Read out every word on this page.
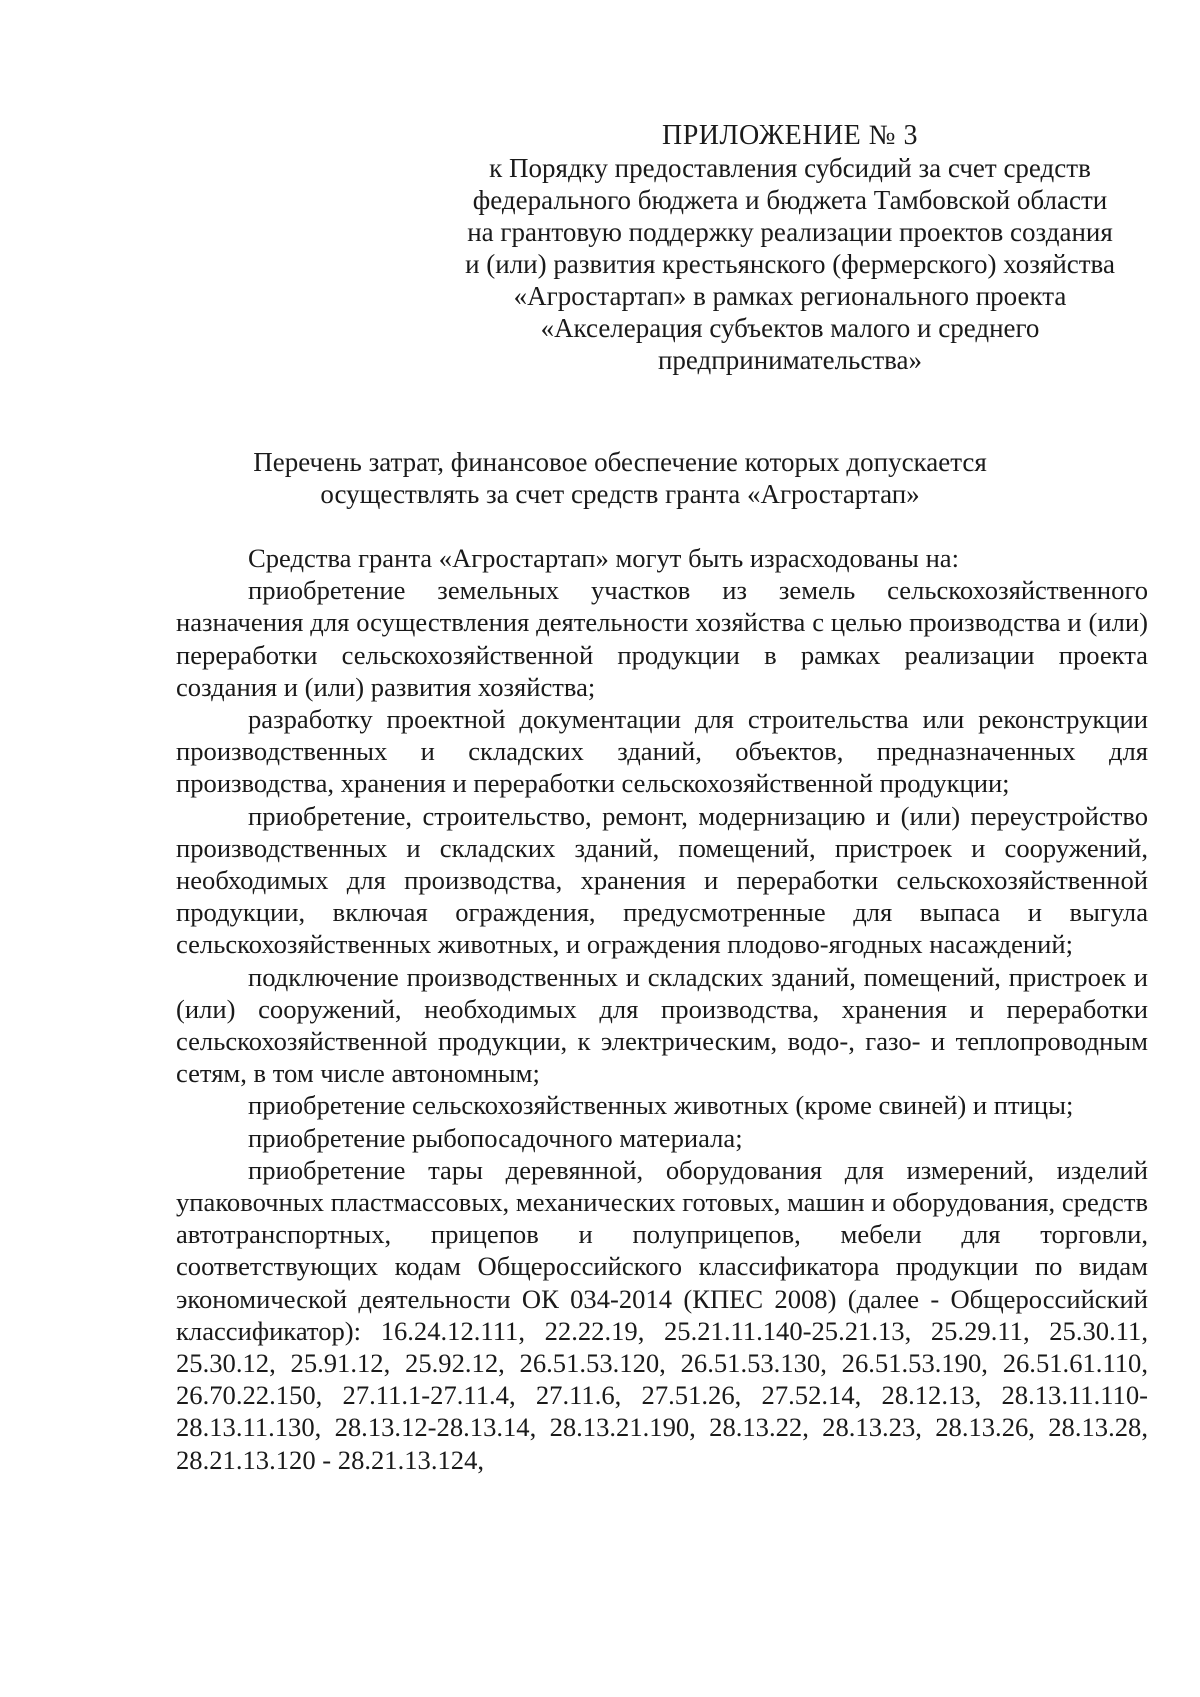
ПРИЛОЖЕНИЕ № 3
к Порядку предоставления субсидий за счет средств
федерального бюджета и бюджета Тамбовской области
на грантовую поддержку реализации проектов создания
и (или) развития крестьянского (фермерского) хозяйства
«Агростартап» в рамках регионального проекта
«Акселерация субъектов малого и среднего
предпринимательства»
Перечень затрат, финансовое обеспечение которых допускается
осуществлять за счет средств гранта «Агростартап»

Средства гранта «Агростартап» могут быть израсходованы на:

приобретение земельных участков из земель сельскохозяйственного назначения для осуществления деятельности хозяйства с целью производства и (или) переработки сельскохозяйственной продукции в рамках реализации проекта создания и (или) развития хозяйства;

разработку проектной документации для строительства или реконструкции производственных и складских зданий, объектов, предназначенных для производства, хранения и переработки сельскохозяйственной продукции;

приобретение, строительство, ремонт, модернизацию и (или) переустройство производственных и складских зданий, помещений, пристроек и сооружений, необходимых для производства, хранения и переработки сельскохозяйственной продукции, включая ограждения, предусмотренные для выпаса и выгула сельскохозяйственных животных, и ограждения плодово-ягодных насаждений;

подключение производственных и складских зданий, помещений, пристроек и (или) сооружений, необходимых для производства, хранения и переработки сельскохозяйственной продукции, к электрическим, водо-, газо- и теплопроводным сетям, в том числе автономным;

приобретение сельскохозяйственных животных (кроме свиней) и птицы;

приобретение рыбопосадочного материала;

приобретение тары деревянной, оборудования для измерений, изделий упаковочных пластмассовых, механических готовых, машин и оборудования, средств автотранспортных, прицепов и полуприцепов, мебели для торговли, соответствующих кодам Общероссийского классификатора продукции по видам экономической деятельности ОК 034-2014 (КПЕС 2008) (далее - Общероссийский классификатор): 16.24.12.111, 22.22.19, 25.21.11.140-25.21.13, 25.29.11, 25.30.11, 25.30.12, 25.91.12, 25.92.12, 26.51.53.120, 26.51.53.130, 26.51.53.190, 26.51.61.110, 26.70.22.150, 27.11.1-27.11.4, 27.11.6, 27.51.26, 27.52.14, 28.12.13, 28.13.11.110-28.13.11.130, 28.13.12-28.13.14, 28.13.21.190, 28.13.22, 28.13.23, 28.13.26, 28.13.28, 28.21.13.120 - 28.21.13.124,
